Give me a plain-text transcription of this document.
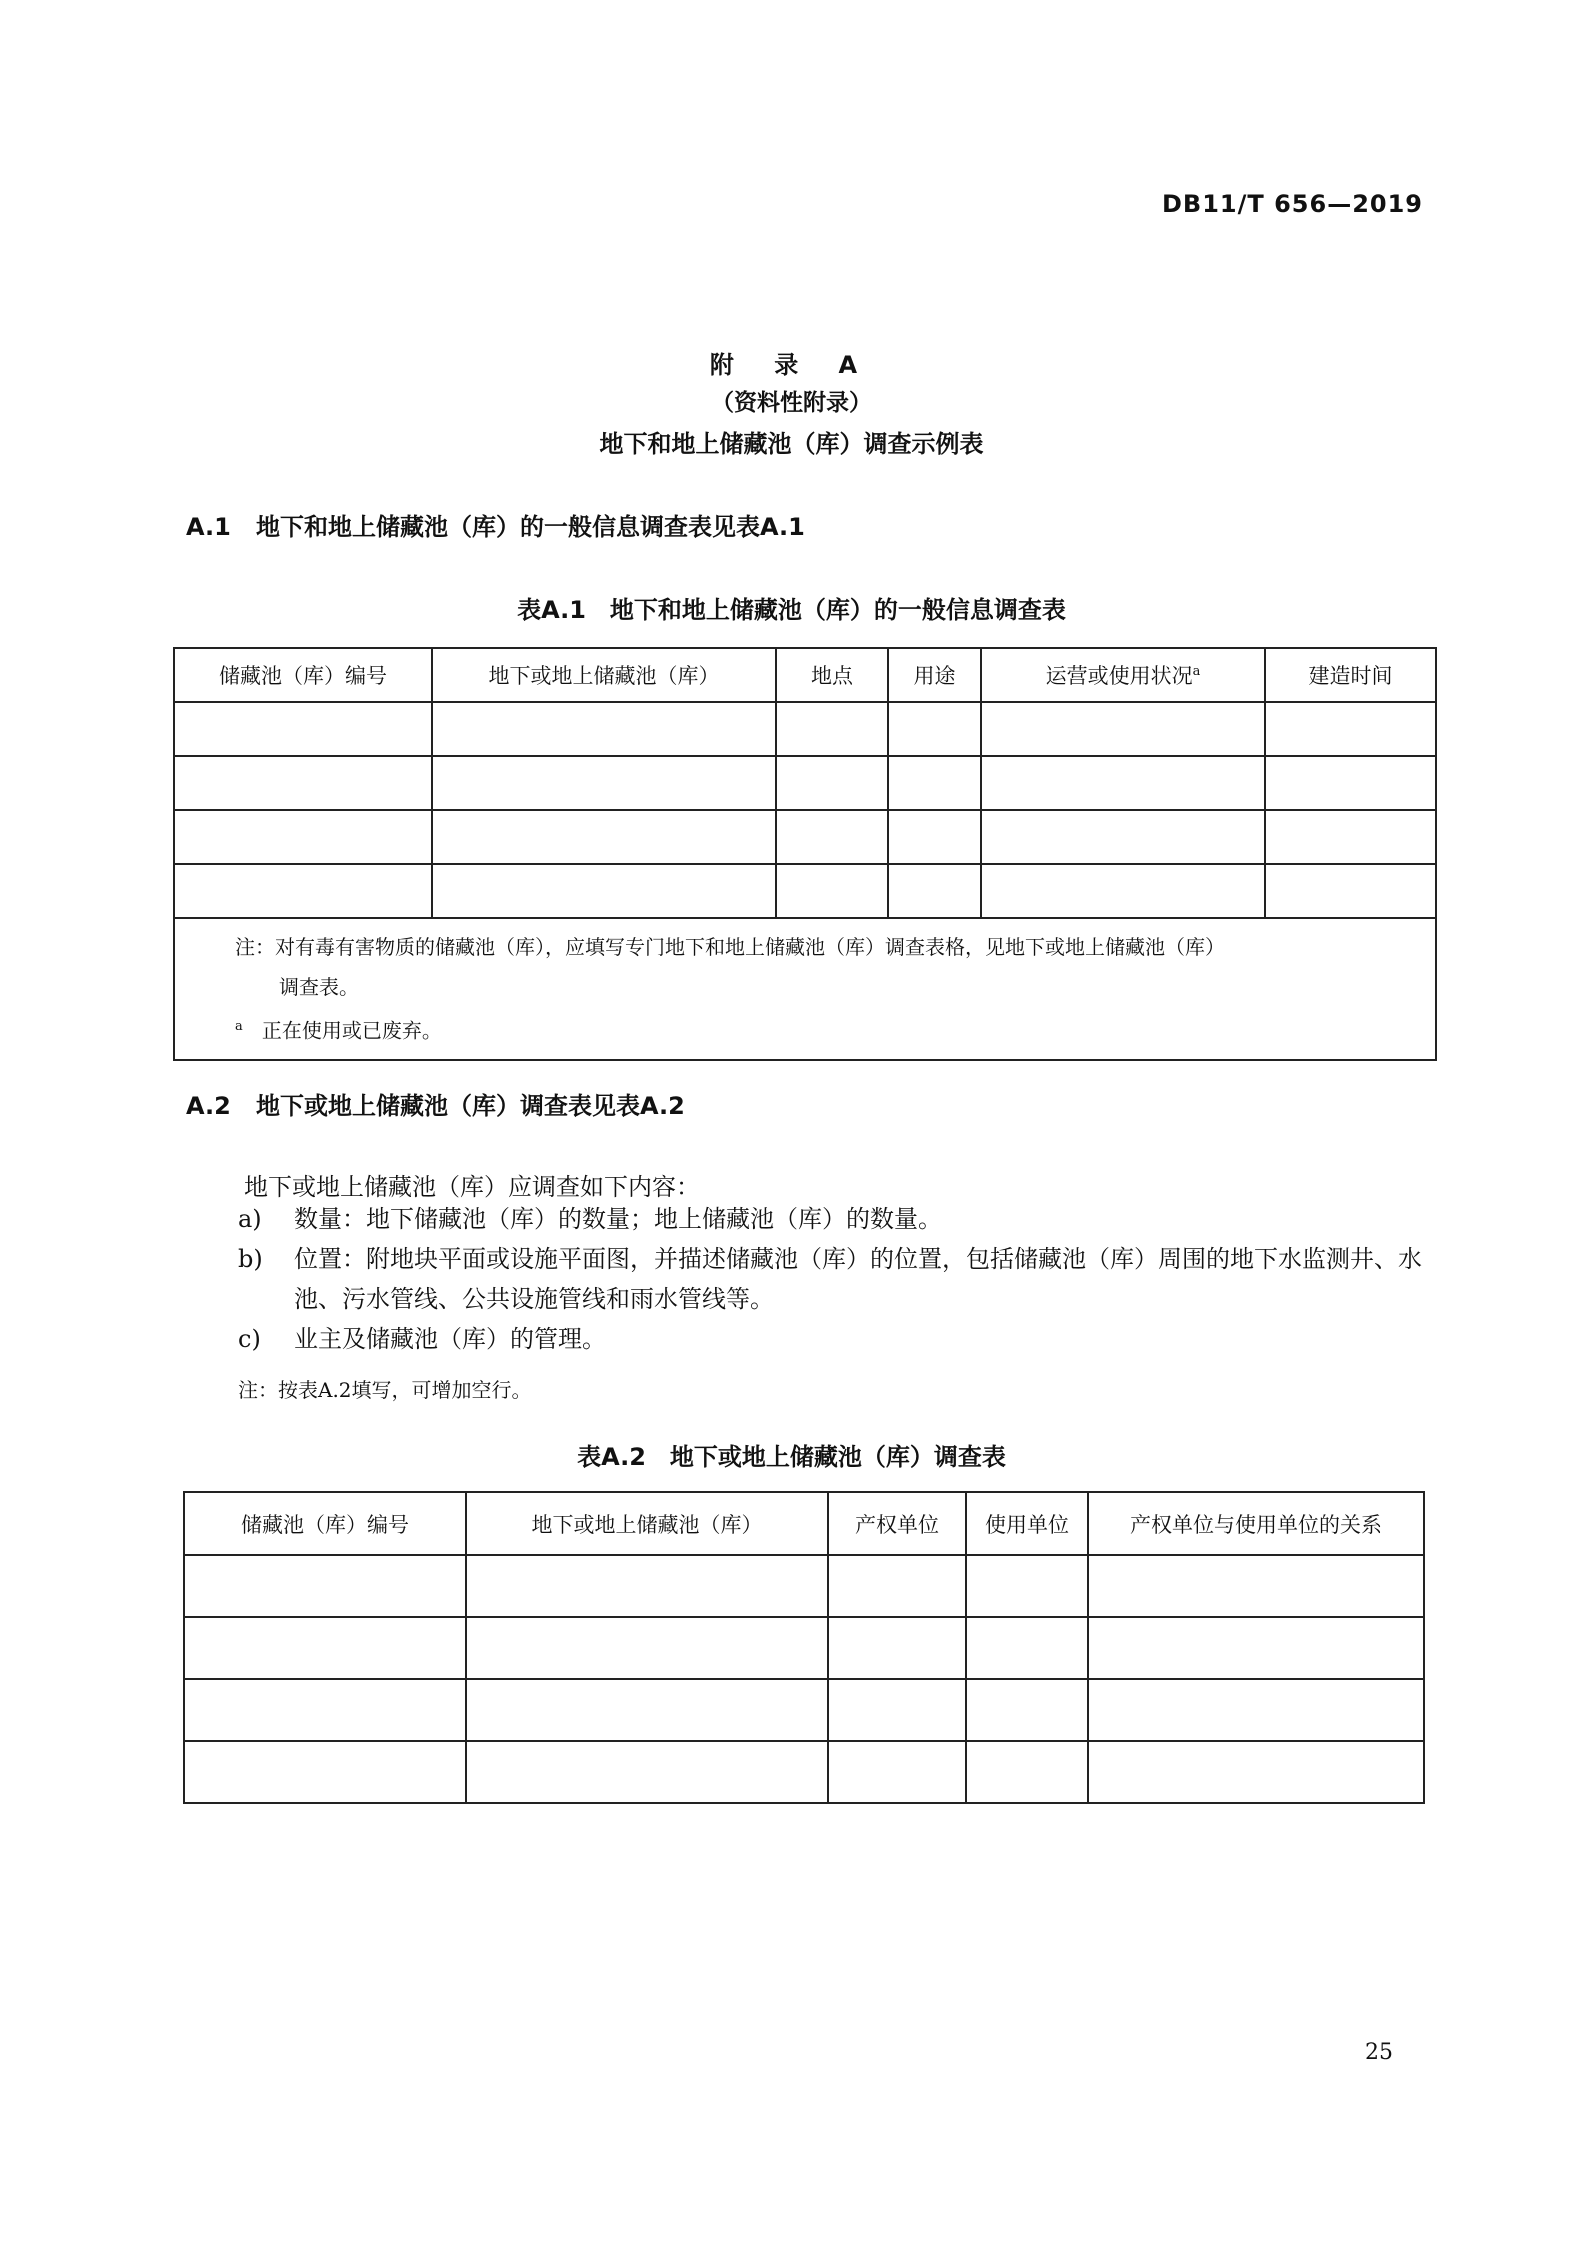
DB11/T 656—2019
附 录 A
（资料性附录）
地下和地上储藏池（库）调查示例表
A.1 地下和地上储藏池（库）的一般信息调查表见表A.1
表A.1　地下和地上储藏池（库）的一般信息调查表
储藏池（库）编号	地下或地上储藏池（库）	地点	用途	运营或使用状况$^a$	建造时间

注：对有毒有害物质的储藏池（库），应填写专门地下和地上储藏池（库）调查表格，见地下或地上储藏池（库）
调查表。
$^a$ 正在使用或已废弃。					
A.2 地下或地上储藏池（库）调查表见表A.2
地下或地上储藏池（库）应调查如下内容：
a) 数量：地下储藏池（库）的数量；地上储藏池（库）的数量。
b) 位置：附地块平面或设施平面图，并描述储藏池（库）的位置，包括储藏池（库）周围的地下水监测井、水池、污水管线、公共设施管线和雨水管线等。
c) 业主及储藏池（库）的管理。
注：按表A.2填写，可增加空行。
表A.2　地下或地上储藏池（库）调查表
储藏池（库）编号	地下或地上储藏池（库）	产权单位	使用单位	产权单位与使用单位的关系

25
